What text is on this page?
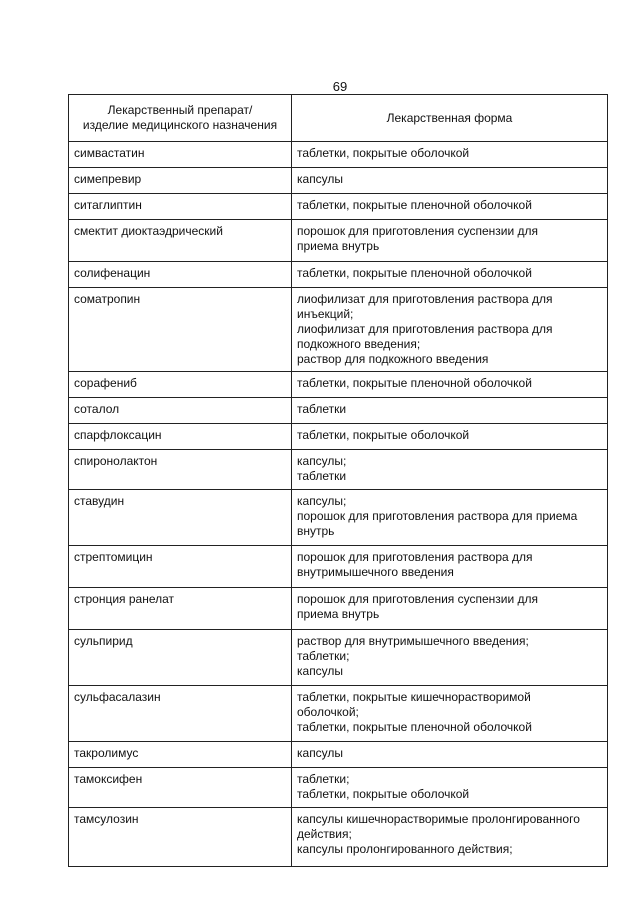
69
Лекарственный препарат/
изделие медицинского назначения	Лекарственная форма

симвастатин	таблетки, покрытые оболочкой

симепревир	капсулы

ситаглиптин	таблетки, покрытые пленочной оболочкой

смектит диоктаэдрический	порошок для приготовления суспензии для
приема внутрь

солифенацин	таблетки, покрытые пленочной оболочкой

соматропин	лиофилизат для приготовления раствора для
инъекций;
лиофилизат для приготовления раствора для
подкожного введения;
раствор для подкожного введения

сорафениб	таблетки, покрытые пленочной оболочкой

соталол	таблетки

спарфлоксацин	таблетки, покрытые оболочкой

спиронолактон	капсулы;
таблетки

ставудин	капсулы;
порошок для приготовления раствора для приема
внутрь

стрептомицин	порошок для приготовления раствора для
внутримышечного введения

стронция ранелат	порошок для приготовления суспензии для
приема внутрь

сульпирид	раствор для внутримышечного введения;
таблетки;
капсулы

сульфасалазин	таблетки, покрытые кишечнорастворимой
оболочкой;
таблетки, покрытые пленочной оболочкой

такролимус	капсулы

тамоксифен	таблетки;
таблетки, покрытые оболочкой

тамсулозин	капсулы кишечнорастворимые пролонгированного
действия;
капсулы пролонгированного действия;
